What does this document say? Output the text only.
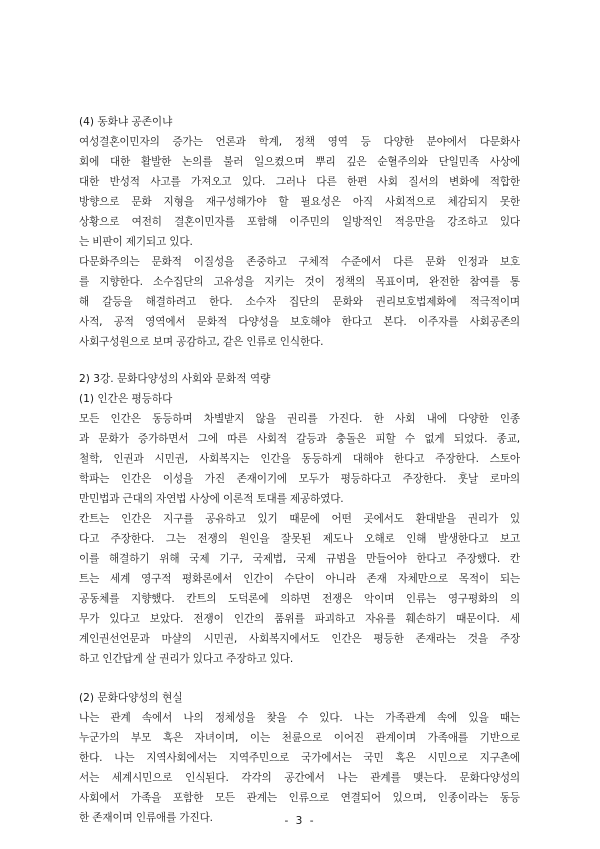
(4) 동화냐 공존이냐
여성결혼이민자의 증가는 언론과 학계, 정책 영역 등 다양한 분야에서 다문화사
회에 대한 활발한 논의를 불러 일으켰으며 뿌리 깊은 순혈주의와 단일민족 사상에
대한 반성적 사고를 가져오고 있다. 그러나 다른 한편 사회 질서의 변화에 적합한
방향으로 문화 지형을 재구성해가야 할 필요성은 아직 사회적으로 체감되지 못한
상황으로 여전히 결혼이민자를 포함해 이주민의 일방적인 적응만을 강조하고 있다
는 비판이 제기되고 있다.
다문화주의는 문화적 이질성을 존중하고 구체적 수준에서 다른 문화 인정과 보호
를 지향한다. 소수집단의 고유성을 지키는 것이 정책의 목표이며, 완전한 참여를 통
해 갈등을 해결하려고 한다. 소수자 집단의 문화와 권리보호법제화에 적극적이며
사적, 공적 영역에서 문화적 다양성을 보호해야 한다고 본다. 이주자를 사회공존의
사회구성원으로 보며 공감하고, 같은 인류로 인식한다.
2) 3강. 문화다양성의 사회와 문화적 역량
(1) 인간은 평등하다
모든 인간은 동등하며 차별받지 않을 권리를 가진다. 한 사회 내에 다양한 인종
과 문화가 증가하면서 그에 따른 사회적 갈등과 충돌은 피할 수 없게 되었다. 종교,
철학, 인권과 시민권, 사회복지는 인간을 동등하게 대해야 한다고 주장한다. 스토아
학파는 인간은 이성을 가진 존재이기에 모두가 평등하다고 주장한다. 훗날 로마의
만민법과 근대의 자연법 사상에 이론적 토대를 제공하였다.
칸트는 인간은 지구를 공유하고 있기 때문에 어떤 곳에서도 환대받을 권리가 있
다고 주장한다. 그는 전쟁의 원인을 잘못된 제도나 오해로 인해 발생한다고 보고
이를 해결하기 위해 국제 기구, 국제법, 국제 규범을 만들어야 한다고 주장했다. 칸
트는 세계 영구적 평화론에서 인간이 수단이 아니라 존재 자체만으로 목적이 되는
공동체를 지향했다. 칸트의 도덕론에 의하면 전쟁은 악이며 인류는 영구평화의 의
무가 있다고 보았다. 전쟁이 인간의 품위를 파괴하고 자유를 훼손하기 때문이다. 세
계인권선언문과 마샬의 시민권, 사회복지에서도 인간은 평등한 존재라는 것을 주장
하고 인간답게 살 권리가 있다고 주장하고 있다.
(2) 문화다양성의 현실
나는 관계 속에서 나의 정체성을 찾을 수 있다. 나는 가족관계 속에 있을 때는
누군가의 부모 혹은 자녀이며, 이는 천륜으로 이어진 관계이며 가족애를 기반으로
한다. 나는 지역사회에서는 지역주민으로 국가에서는 국민 혹은 시민으로 지구촌에
서는 세계시민으로 인식된다. 각각의 공간에서 나는 관계를 맺는다. 문화다양성의
사회에서 가족을 포함한 모든 관계는 인류으로 연결되어 있으며, 인종이라는 동등
한 존재이며 인류애를 가진다.	- 3 -
